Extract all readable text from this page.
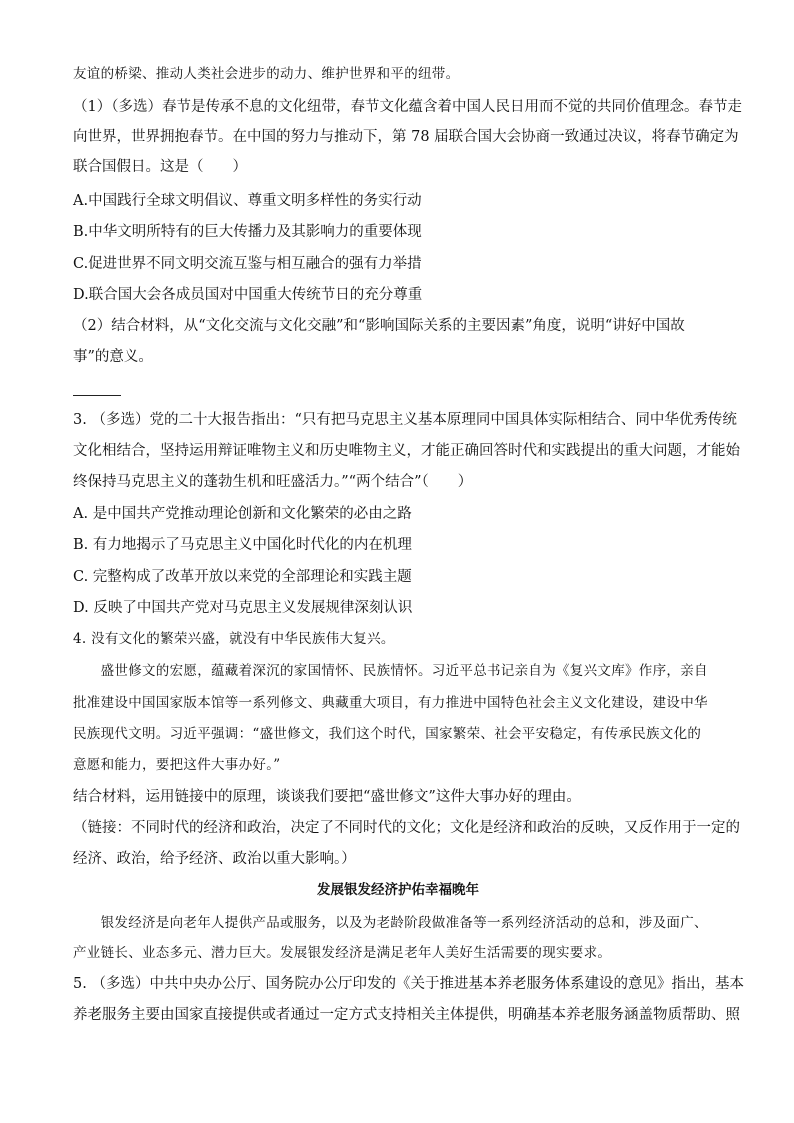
友谊的桥梁、推动人类社会进步的动力、维护世界和平的纽带。
（1）（多选）春节是传承不息的文化纽带，春节文化蕴含着中国人民日用而不觉的共同价值理念。春节走
向世界，世界拥抱春节。在中国的努力与推动下，第 78 届联合国大会协商一致通过决议，将春节确定为
联合国假日。这是（　　）
A.中国践行全球文明倡议、尊重文明多样性的务实行动
B.中华文明所特有的巨大传播力及其影响力的重要体现
C.促进世界不同文明交流互鉴与相互融合的强有力举措
D.联合国大会各成员国对中国重大传统节日的充分尊重
（2）结合材料，从“文化交流与文化交融”和“影响国际关系的主要因素”角度，说明“讲好中国故
事”的意义。
3. （多选）党的二十大报告指出：“只有把马克思主义基本原理同中国具体实际相结合、同中华优秀传统
文化相结合，坚持运用辩证唯物主义和历史唯物主义，才能正确回答时代和实践提出的重大问题，才能始
终保持马克思主义的蓬勃生机和旺盛活力。”“两个结合”（　　）
A. 是中国共产党推动理论创新和文化繁荣的必由之路
B. 有力地揭示了马克思主义中国化时代化的内在机理
C. 完整构成了改革开放以来党的全部理论和实践主题
D. 反映了中国共产党对马克思主义发展规律深刻认识
4. 没有文化的繁荣兴盛，就没有中华民族伟大复兴。
　　盛世修文的宏愿，蕴藏着深沉的家国情怀、民族情怀。习近平总书记亲自为《复兴文库》作序，亲自
批准建设中国国家版本馆等一系列修文、典藏重大项目，有力推进中国特色社会主义文化建设，建设中华
民族现代文明。习近平强调：“盛世修文，我们这个时代，国家繁荣、社会平安稳定，有传承民族文化的
意愿和能力，要把这件大事办好。”
结合材料，运用链接中的原理，谈谈我们要把“盛世修文”这件大事办好的理由。
（链接：不同时代的经济和政治，决定了不同时代的文化；文化是经济和政治的反映，又反作用于一定的
经济、政治，给予经济、政治以重大影响。）
发展银发经济护佑幸福晚年
　　银发经济是向老年人提供产品或服务，以及为老龄阶段做准备等一系列经济活动的总和，涉及面广、
产业链长、业态多元、潜力巨大。发展银发经济是满足老年人美好生活需要的现实要求。
5. （多选）中共中央办公厅、国务院办公厅印发的《关于推进基本养老服务体系建设的意见》指出，基本
养老服务主要由国家直接提供或者通过一定方式支持相关主体提供，明确基本养老服务涵盖物质帮助、照
